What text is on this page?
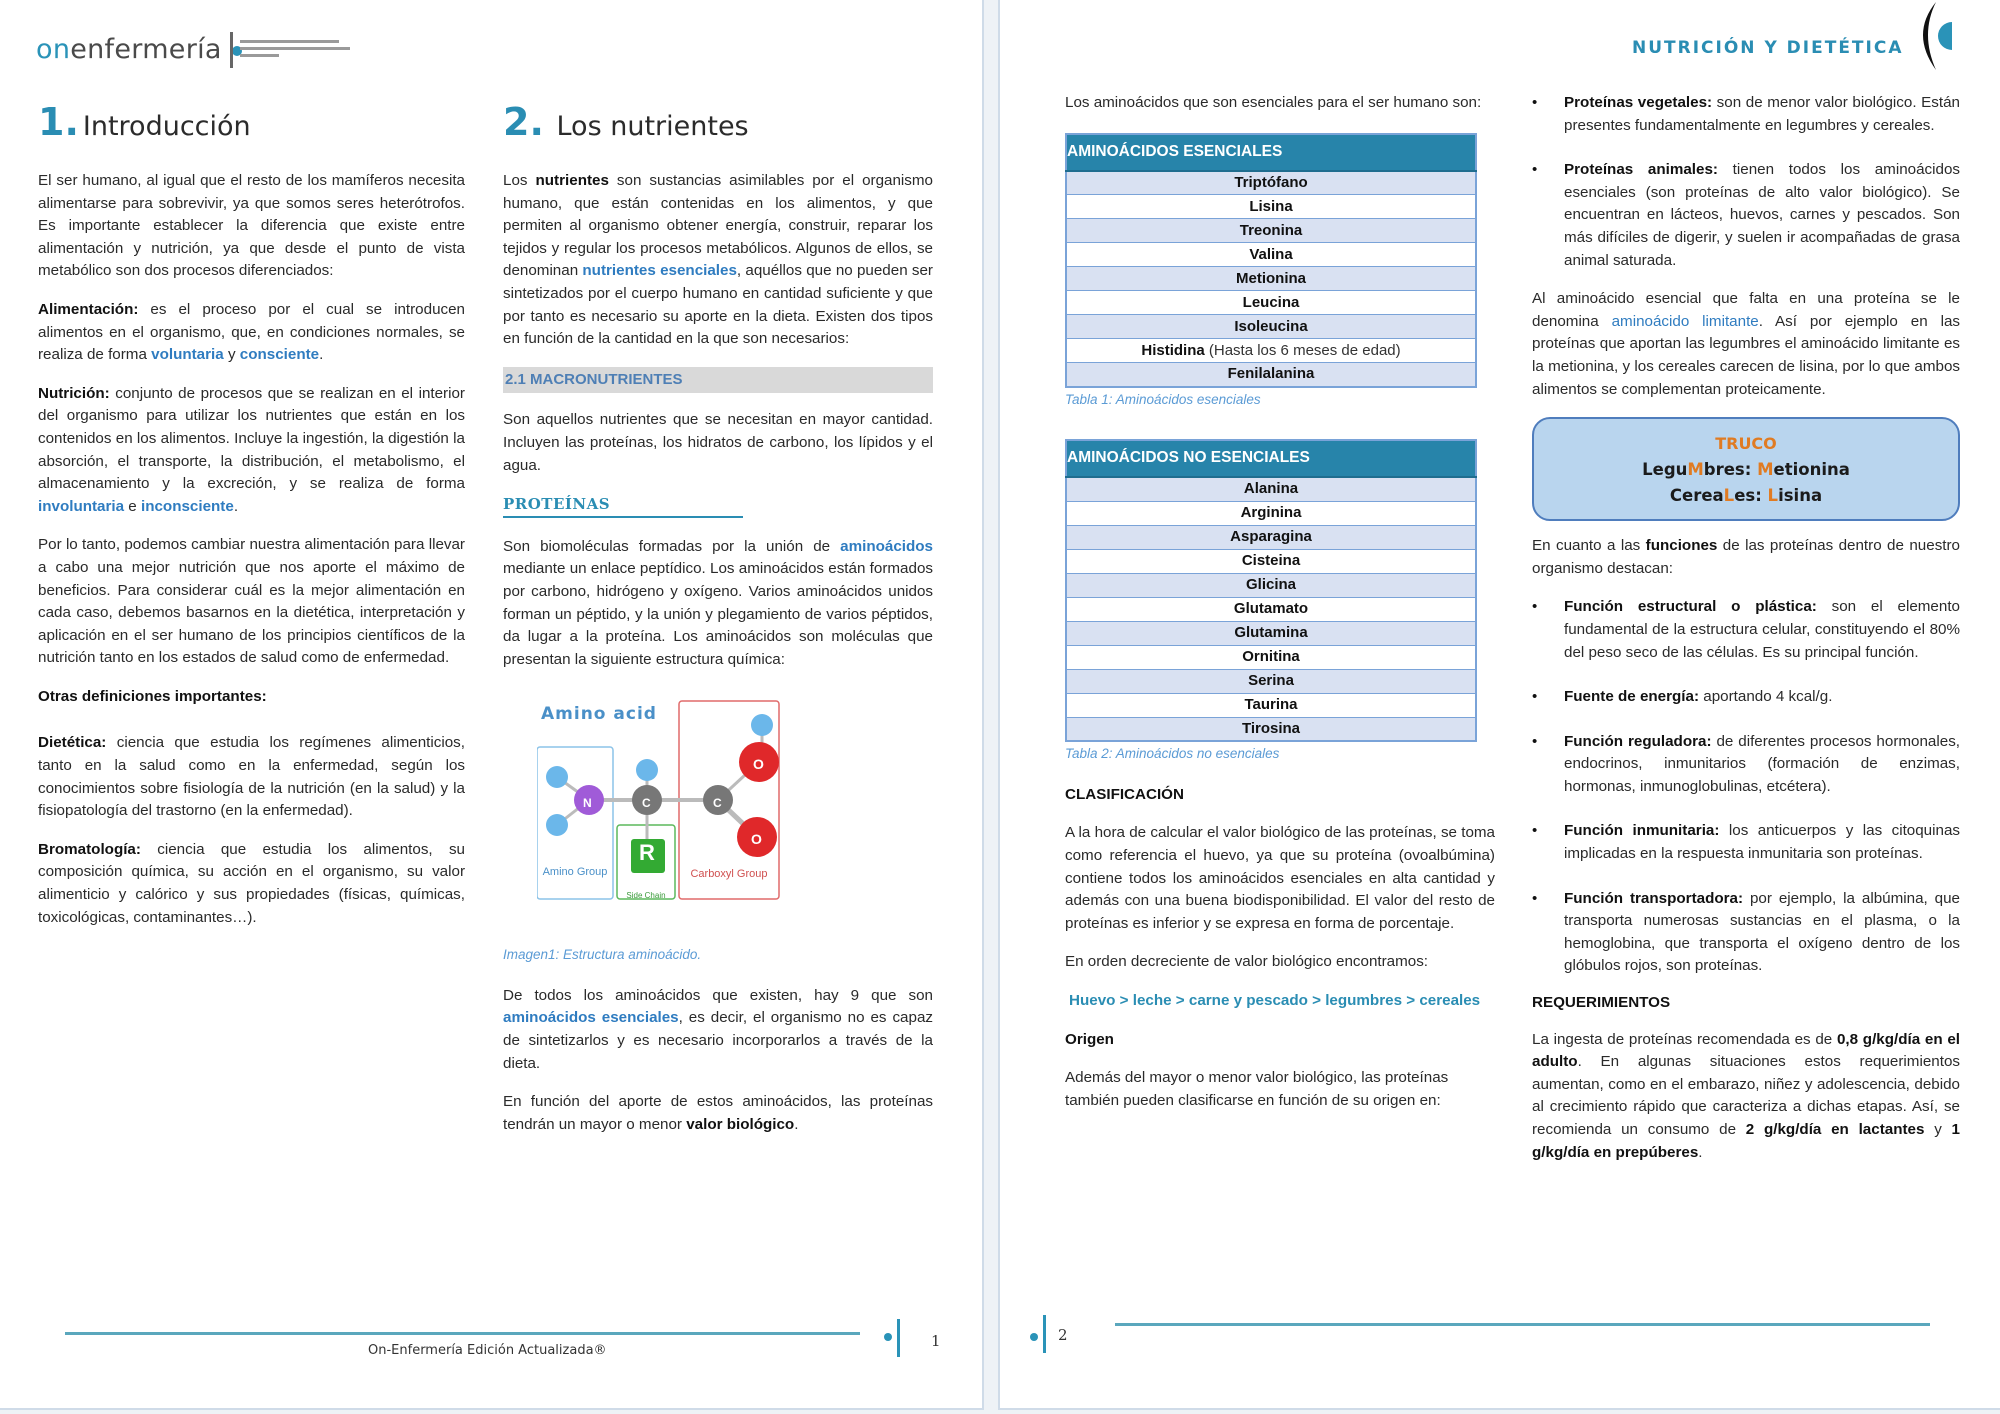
onenfermería
1. Introducción

El ser humano, al igual que el resto de los mamíferos necesita alimentarse para sobrevivir, ya que somos seres heterótrofos. Es importante establecer la diferencia que existe entre alimentación y nutrición, ya que desde el punto de vista metabólico son dos procesos diferenciados:

Alimentación: es el proceso por el cual se introducen alimentos en el organismo, que, en condiciones normales, se realiza de forma voluntaria y consciente.

Nutrición: conjunto de procesos que se realizan en el interior del organismo para utilizar los nutrientes que están en los contenidos en los alimentos. Incluye la ingestión, la digestión la absorción, el transporte, la distribución, el metabolismo, el almacenamiento y la excreción, y se realiza de forma involuntaria e inconsciente.

Por lo tanto, podemos cambiar nuestra alimentación para llevar a cabo una mejor nutrición que nos aporte el máximo de beneficios. Para considerar cuál es la mejor alimentación en cada caso, debemos basarnos en la dietética, interpretación y aplicación en el ser humano de los principios científicos de la nutrición tanto en los estados de salud como de enfermedad.

Otras definiciones importantes:

Dietética: ciencia que estudia los regímenes alimenticios, tanto en la salud como en la enfermedad, según los conocimientos sobre fisiología de la nutrición (en la salud) y la fisiopatología del trastorno (en la enfermedad).

Bromatología: ciencia que estudia los alimentos, su composición química, su acción en el organismo, su valor alimenticio y calórico y sus propiedades (físicas, químicas, toxicológicas, contaminantes…).

2. Los nutrientes

Los nutrientes son sustancias asimilables por el organismo humano, que están contenidas en los alimentos, y que permiten al organismo obtener energía, construir, reparar los tejidos y regular los procesos metabólicos. Algunos de ellos, se denominan nutrientes esenciales, aquéllos que no pueden ser sintetizados por el cuerpo humano en cantidad suficiente y que por tanto es necesario su aporte en la dieta. Existen dos tipos en función de la cantidad en la que son necesarios:

2.1 MACRONUTRIENTES

Son aquellos nutrientes que se necesitan en mayor cantidad. Incluyen las proteínas, los hidratos de carbono, los lípidos y el agua.

PROTEÍNAS

Son biomoléculas formadas por la unión de aminoácidos mediante un enlace peptídico. Los aminoácidos están formados por carbono, hidrógeno y oxígeno. Varios aminoácidos unidos forman un péptido, y la unión y plegamiento de varios péptidos, da lugar a la proteína. Los aminoácidos son moléculas que presentan la siguiente estructura química:

Amino acid
N	C	C
O
O
R
Amino Group
Side Chain
Carboxyl Group

Imagen1: Estructura aminoácido.

De todos los aminoácidos que existen, hay 9 que son aminoácidos esenciales, es decir, el organismo no es capaz de sintetizarlos y es necesario incorporarlos a través de la dieta.

En función del aporte de estos aminoácidos, las proteínas tendrán un mayor o menor valor biológico.

On-Enfermería Edición Actualizada®
1
NUTRICIÓN Y DIETÉTICA

Los aminoácidos que son esenciales para el ser humano son:

AMINOÁCIDOS ESENCIALES
Triptófano
Lisina
Treonina
Valina
Metionina
Leucina
Isoleucina
Histidina (Hasta los 6 meses de edad)
Fenilalanina

Tabla 1: Aminoácidos esenciales

AMINOÁCIDOS NO ESENCIALES
Alanina
Arginina
Asparagina
Cisteina
Glicina
Glutamato
Glutamina
Ornitina
Serina
Taurina
Tirosina

Tabla 2: Aminoácidos no esenciales

CLASIFICACIÓN

A la hora de calcular el valor biológico de las proteínas, se toma como referencia el huevo, ya que su proteína (ovoalbúmina) contiene todos los aminoácidos esenciales en alta cantidad y además con una buena biodisponibilidad. El valor del resto de proteínas es inferior y se expresa en forma de porcentaje.

En orden decreciente de valor biológico encontramos:

Huevo > leche > carne y pescado > legumbres > cereales

Origen

Además del mayor o menor valor biológico, las proteínas también pueden clasificarse en función de su origen en:

• Proteínas vegetales: son de menor valor biológico. Están presentes fundamentalmente en legumbres y cereales.
• Proteínas animales: tienen todos los aminoácidos esenciales (son proteínas de alto valor biológico). Se encuentran en lácteos, huevos, carnes y pescados. Son más difíciles de digerir, y suelen ir acompañadas de grasa animal saturada.

Al aminoácido esencial que falta en una proteína se le denomina aminoácido limitante. Así por ejemplo en las proteínas que aportan las legumbres el aminoácido limitante es la metionina, y los cereales carecen de lisina, por lo que ambos alimentos se complementan proteicamente.

TRUCO
LeguMbres: Metionina
CereaLes: Lisina

En cuanto a las funciones de las proteínas dentro de nuestro organismo destacan:

• Función estructural o plástica: son el elemento fundamental de la estructura celular, constituyendo el 80% del peso seco de las células. Es su principal función.
• Fuente de energía: aportando 4 kcal/g.
• Función reguladora: de diferentes procesos hormonales, endocrinos, inmunitarios (formación de enzimas, hormonas, inmunoglobulinas, etcétera).
• Función inmunitaria: los anticuerpos y las citoquinas implicadas en la respuesta inmunitaria son proteínas.
• Función transportadora: por ejemplo, la albúmina, que transporta numerosas sustancias en el plasma, o la hemoglobina, que transporta el oxígeno dentro de los glóbulos rojos, son proteínas.

REQUERIMIENTOS

La ingesta de proteínas recomendada es de 0,8 g/kg/día en el adulto. En algunas situaciones estos requerimientos aumentan, como en el embarazo, niñez y adolescencia, debido al crecimiento rápido que caracteriza a dichas etapas. Así, se recomienda un consumo de 2 g/kg/día en lactantes y 1 g/kg/día en prepúberes.

2
